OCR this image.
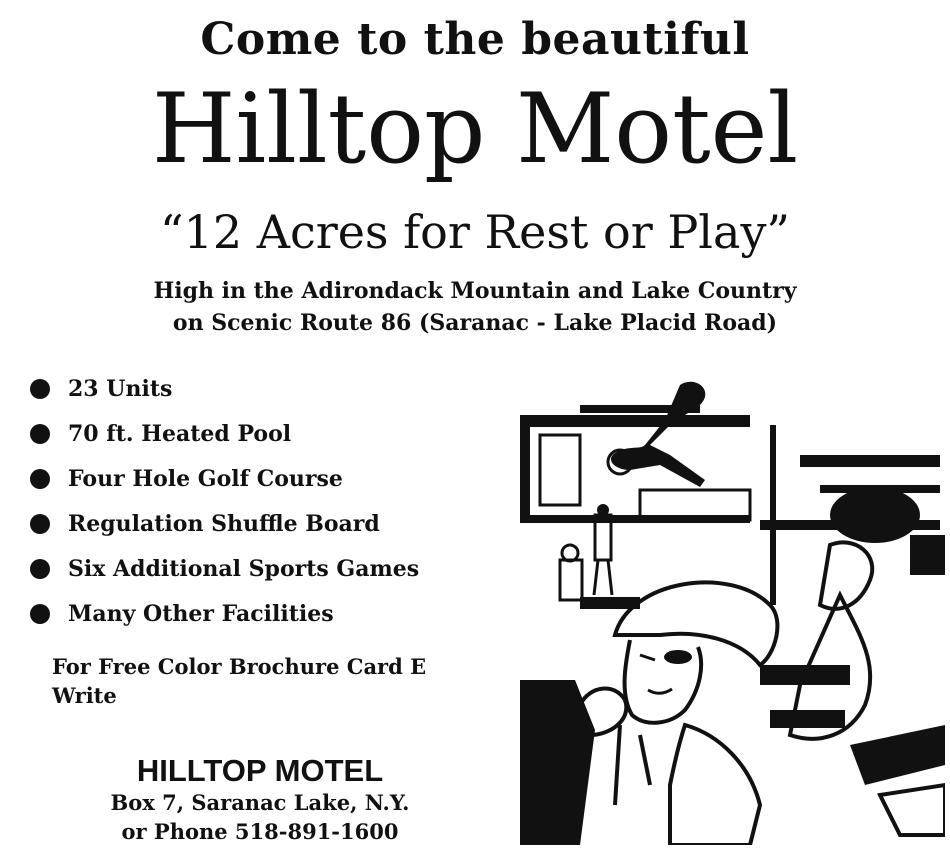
Come to the beautiful
Hilltop Motel
“12 Acres for Rest or Play”
High in the Adirondack Mountain and Lake Country
on Scenic Route 86 (Saranac - Lake Placid Road)
23 Units
70 ft. Heated Pool
Four Hole Golf Course
Regulation Shuffle Board
Six Additional Sports Games
Many Other Facilities
For Free Color Brochure Card E
Write
HILLTOP MOTEL
Box 7, Saranac Lake, N.Y.
or Phone 518-891-1600
